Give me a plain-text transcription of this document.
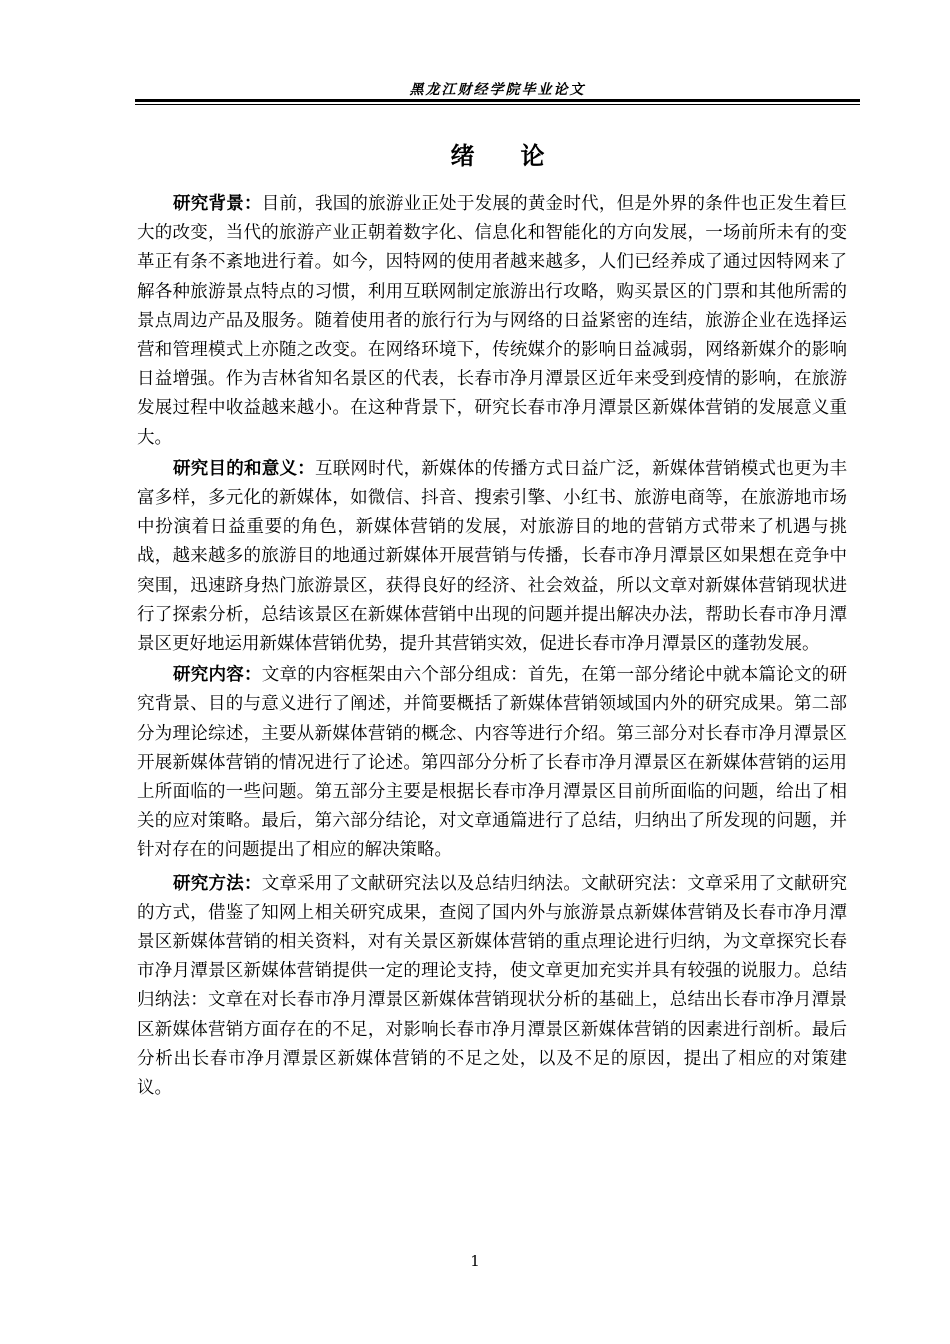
黑龙江财经学院毕业论文
绪论

研究背景：目前，我国的旅游业正处于发展的黄金时代，但是外界的条件也正发生着巨大的改变，当代的旅游产业正朝着数字化、信息化和智能化的方向发展，一场前所未有的变革正有条不紊地进行着。如今，因特网的使用者越来越多，人们已经养成了通过因特网来了解各种旅游景点特点的习惯，利用互联网制定旅游出行攻略，购买景区的门票和其他所需的景点周边产品及服务。随着使用者的旅行行为与网络的日益紧密的连结，旅游企业在选择运营和管理模式上亦随之改变。在网络环境下，传统媒介的影响日益减弱，网络新媒介的影响日益增强。作为吉林省知名景区的代表，长春市净月潭景区近年来受到疫情的影响，在旅游发展过程中收益越来越小。在这种背景下，研究长春市净月潭景区新媒体营销的发展意义重大。

研究目的和意义：互联网时代，新媒体的传播方式日益广泛，新媒体营销模式也更为丰富多样，多元化的新媒体，如微信、抖音、搜索引擎、小红书、旅游电商等，在旅游地市场中扮演着日益重要的角色，新媒体营销的发展，对旅游目的地的营销方式带来了机遇与挑战，越来越多的旅游目的地通过新媒体开展营销与传播，长春市净月潭景区如果想在竞争中突围，迅速跻身热门旅游景区，获得良好的经济、社会效益，所以文章对新媒体营销现状进行了探索分析，总结该景区在新媒体营销中出现的问题并提出解决办法，帮助长春市净月潭景区更好地运用新媒体营销优势，提升其营销实效，促进长春市净月潭景区的蓬勃发展。

研究内容：文章的内容框架由六个部分组成：首先，在第一部分绪论中就本篇论文的研究背景、目的与意义进行了阐述，并简要概括了新媒体营销领域国内外的研究成果。第二部分为理论综述，主要从新媒体营销的概念、内容等进行介绍。第三部分对长春市净月潭景区开展新媒体营销的情况进行了论述。第四部分分析了长春市净月潭景区在新媒体营销的运用上所面临的一些问题。第五部分主要是根据长春市净月潭景区目前所面临的问题，给出了相关的应对策略。最后，第六部分结论，对文章通篇进行了总结，归纳出了所发现的问题，并针对存在的问题提出了相应的解决策略。

研究方法：文章采用了文献研究法以及总结归纳法。文献研究法：文章采用了文献研究的方式，借鉴了知网上相关研究成果，查阅了国内外与旅游景点新媒体营销及长春市净月潭景区新媒体营销的相关资料，对有关景区新媒体营销的重点理论进行归纳，为文章探究长春市净月潭景区新媒体营销提供一定的理论支持，使文章更加充实并具有较强的说服力。总结归纳法：文章在对长春市净月潭景区新媒体营销现状分析的基础上，总结出长春市净月潭景区新媒体营销方面存在的不足，对影响长春市净月潭景区新媒体营销的因素进行剖析。最后分析出长春市净月潭景区新媒体营销的不足之处，以及不足的原因，提出了相应的对策建议。

1
